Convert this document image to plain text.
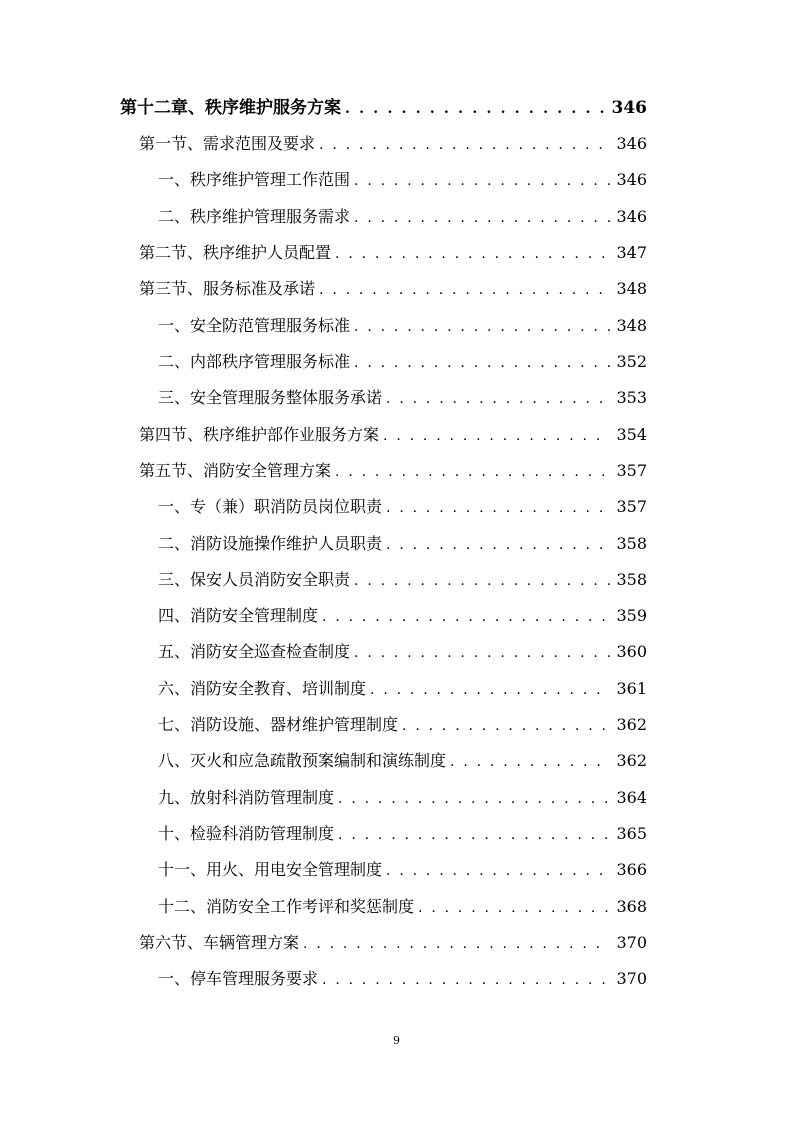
第十二章、秩序维护服务方案 . . .	346
第一节、需求范围及要求 . . .	346
一、秩序维护管理工作范围 . . .	346
二、秩序维护管理服务需求 . . .	346
第二节、秩序维护人员配置 . . .	347
第三节、服务标准及承诺 . . .	348
一、安全防范管理服务标准 . . .	348
二、内部秩序管理服务标准 . . .	352
三、安全管理服务整体服务承诺 . . .	353
第四节、秩序维护部作业服务方案 . . .	354
第五节、消防安全管理方案 . . .	357
一、专（兼）职消防员岗位职责 . . .	357
二、消防设施操作维护人员职责 . . .	358
三、保安人员消防安全职责 . . .	358
四、消防安全管理制度 . . .	359
五、消防安全巡查检查制度 . . .	360
六、消防安全教育、培训制度 . . .	361
七、消防设施、器材维护管理制度 . . .	362
八、灭火和应急疏散预案编制和演练制度 . . .	362
九、放射科消防管理制度 . . .	364
十、检验科消防管理制度 . . .	365
十一、用火、用电安全管理制度 . . .	366
十二、消防安全工作考评和奖惩制度 . . .	368
第六节、车辆管理方案 . . .	370
一、停车管理服务要求 . . .	370
9
